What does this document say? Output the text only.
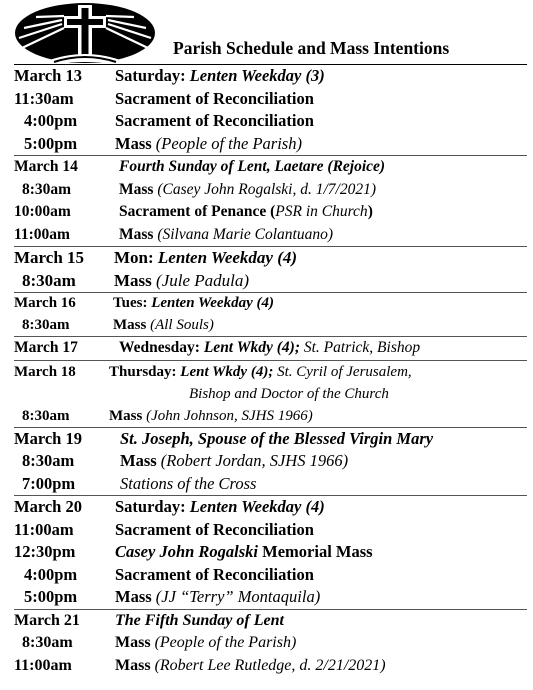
Parish Schedule and Mass Intentions
March 13	Saturday: Lenten Weekday (3)
11:30am	Sacrament of Reconciliation
4:00pm	Sacrament of Reconciliation
5:00pm	Mass (People of the Parish)
March 14	Fourth Sunday of Lent, Laetare (Rejoice)
8:30am	Mass (Casey John Rogalski, d. 1/7/2021)
10:00am	Sacrament of Penance (PSR in Church)
11:00am	Mass (Silvana Marie Colantuano)
March 15	Mon: Lenten Weekday (4)
8:30am	Mass (Jule Padula)
March 16	Tues: Lenten Weekday (4)
8:30am	Mass (All Souls)
March 17	Wednesday: Lent Wkdy (4); St. Patrick, Bishop
March 18	Thursday: Lent Wkdy (4); St. Cyril of Jerusalem,
Bishop and Doctor of the Church
8:30am	Mass (John Johnson, SJHS 1966)
March 19	St. Joseph, Spouse of the Blessed Virgin Mary
8:30am	Mass (Robert Jordan, SJHS 1966)
7:00pm	Stations of the Cross
March 20	Saturday: Lenten Weekday (4)
11:00am	Sacrament of Reconciliation
12:30pm	Casey John Rogalski Memorial Mass
4:00pm	Sacrament of Reconciliation
5:00pm	Mass (JJ “Terry” Montaquila)
March 21	The Fifth Sunday of Lent
8:30am	Mass (People of the Parish)
11:00am	Mass (Robert Lee Rutledge, d. 2/21/2021)
